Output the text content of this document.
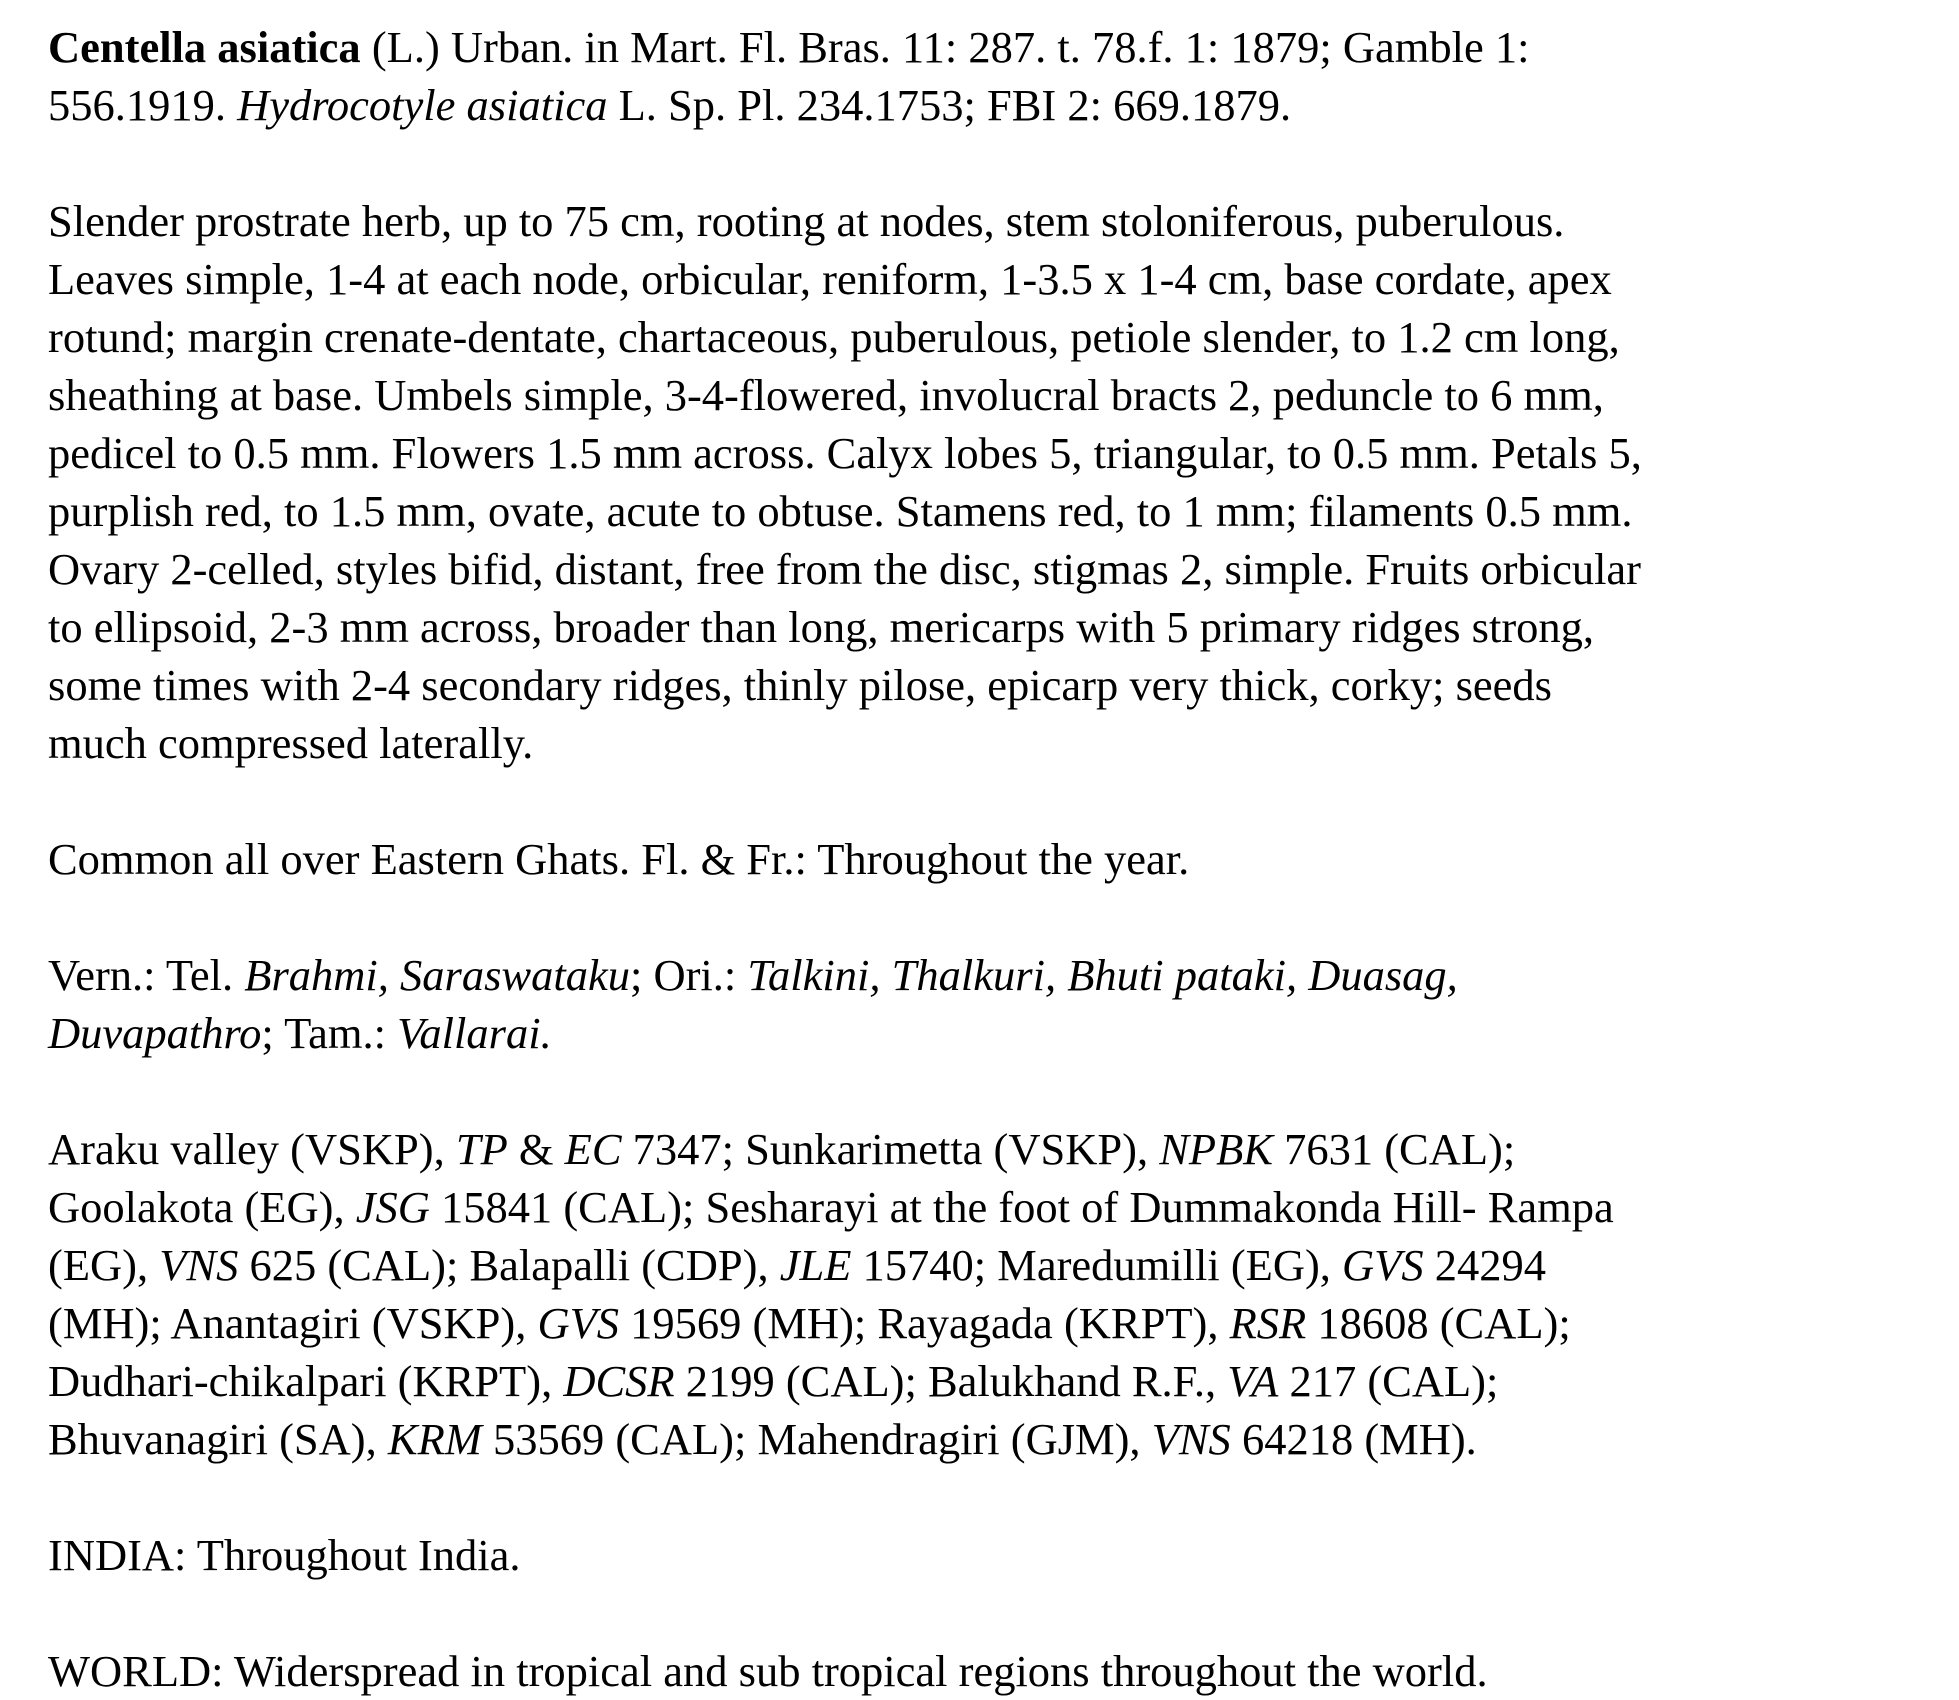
Centella asiatica (L.) Urban. in Mart. Fl. Bras. 11: 287. t. 78.f. 1: 1879; Gamble 1:
556.1919. Hydrocotyle asiatica L. Sp. Pl. 234.1753; FBI 2: 669.1879.

Slender prostrate herb, up to 75 cm, rooting at nodes, stem stoloniferous, puberulous.
Leaves simple, 1-4 at each node, orbicular, reniform, 1-3.5 x 1-4 cm, base cordate, apex
rotund; margin crenate-dentate, chartaceous, puberulous, petiole slender, to 1.2 cm long,
sheathing at base. Umbels simple, 3-4-flowered, involucral bracts 2, peduncle to 6 mm,
pedicel to 0.5 mm. Flowers 1.5 mm across. Calyx lobes 5, triangular, to 0.5 mm. Petals 5,
purplish red, to 1.5 mm, ovate, acute to obtuse. Stamens red, to 1 mm; filaments 0.5 mm.
Ovary 2-celled, styles bifid, distant, free from the disc, stigmas 2, simple. Fruits orbicular
to ellipsoid, 2-3 mm across, broader than long, mericarps with 5 primary ridges strong,
some times with 2-4 secondary ridges, thinly pilose, epicarp very thick, corky; seeds
much compressed laterally.

Common all over Eastern Ghats. Fl. & Fr.: Throughout the year.

Vern.: Tel. Brahmi, Saraswataku; Ori.: Talkini, Thalkuri, Bhuti pataki, Duasag,
Duvapathro; Tam.: Vallarai.

Araku valley (VSKP), TP & EC 7347; Sunkarimetta (VSKP), NPBK 7631 (CAL);
Goolakota (EG), JSG 15841 (CAL); Sesharayi at the foot of Dummakonda Hill- Rampa
(EG), VNS 625 (CAL); Balapalli (CDP), JLE 15740; Maredumilli (EG), GVS 24294
(MH); Anantagiri (VSKP), GVS 19569 (MH); Rayagada (KRPT), RSR 18608 (CAL);
Dudhari-chikalpari (KRPT), DCSR 2199 (CAL); Balukhand R.F., VA 217 (CAL);
Bhuvanagiri (SA), KRM 53569 (CAL); Mahendragiri (GJM), VNS 64218 (MH).

INDIA: Throughout India.

WORLD: Widerspread in tropical and sub tropical regions throughout the world.
